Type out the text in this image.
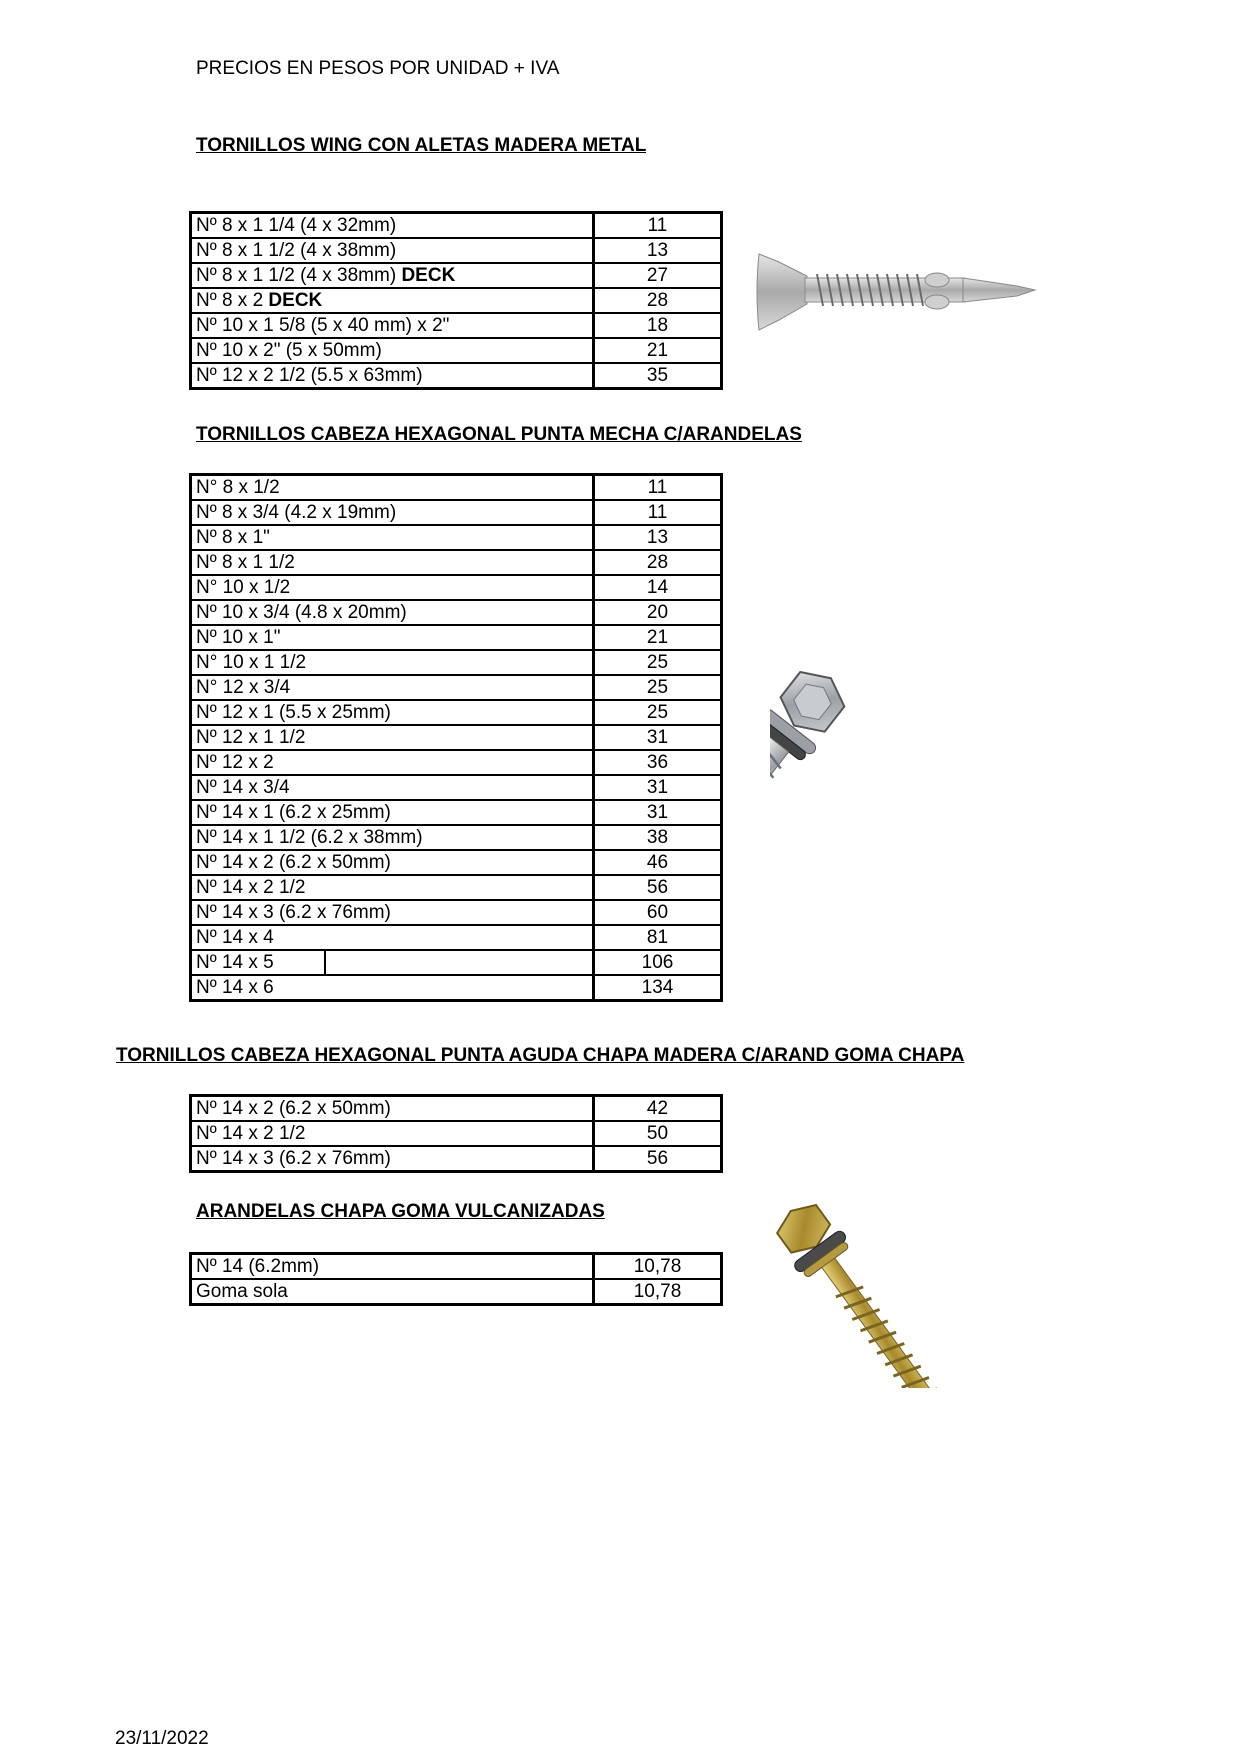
PRECIOS EN PESOS POR UNIDAD + IVA
TORNILLOS WING CON ALETAS MADERA METAL
Nº 8 x 1 1/4 (4 x 32mm)	11
Nº 8 x 1 1/2 (4 x 38mm)	13
Nº 8 x 1 1/2 (4 x 38mm) DECK	27
Nº 8 x 2 DECK	28
Nº 10 x 1 5/8 (5 x 40 mm) x 2"	18
Nº 10 x 2" (5 x 50mm)	21
Nº 12 x 2 1/2 (5.5 x 63mm)	35
TORNILLOS CABEZA HEXAGONAL PUNTA MECHA C/ARANDELAS
N° 8 x 1/2	11
Nº 8 x 3/4 (4.2 x 19mm)	11
Nº 8 x 1"	13
Nº 8 x 1 1/2	28
N° 10 x 1/2	14
Nº 10 x 3/4 (4.8 x 20mm)	20
Nº 10 x 1"	21
N° 10 x 1 1/2	25
N° 12 x 3/4	25
Nº 12 x 1 (5.5 x 25mm)	25
Nº 12 x 1 1/2	31
Nº 12 x 2	36
Nº 14 x 3/4	31
Nº 14 x 1 (6.2 x 25mm)	31
Nº 14 x 1 1/2 (6.2 x 38mm)	38
Nº 14 x 2 (6.2 x 50mm)	46
Nº 14 x 2 1/2	56
Nº 14 x 3 (6.2 x 76mm)	60
Nº 14 x 4	81

Nº 14 x 5	106
Nº 14 x 6	134
TORNILLOS CABEZA HEXAGONAL PUNTA AGUDA CHAPA MADERA C/ARAND GOMA CHAPA
Nº 14 x 2 (6.2 x 50mm)	42
Nº 14 x 2 1/2	50
Nº 14 x 3 (6.2 x 76mm)	56
ARANDELAS CHAPA GOMA VULCANIZADAS
Nº 14 (6.2mm)	10,78
Goma sola	10,78
23/11/2022
